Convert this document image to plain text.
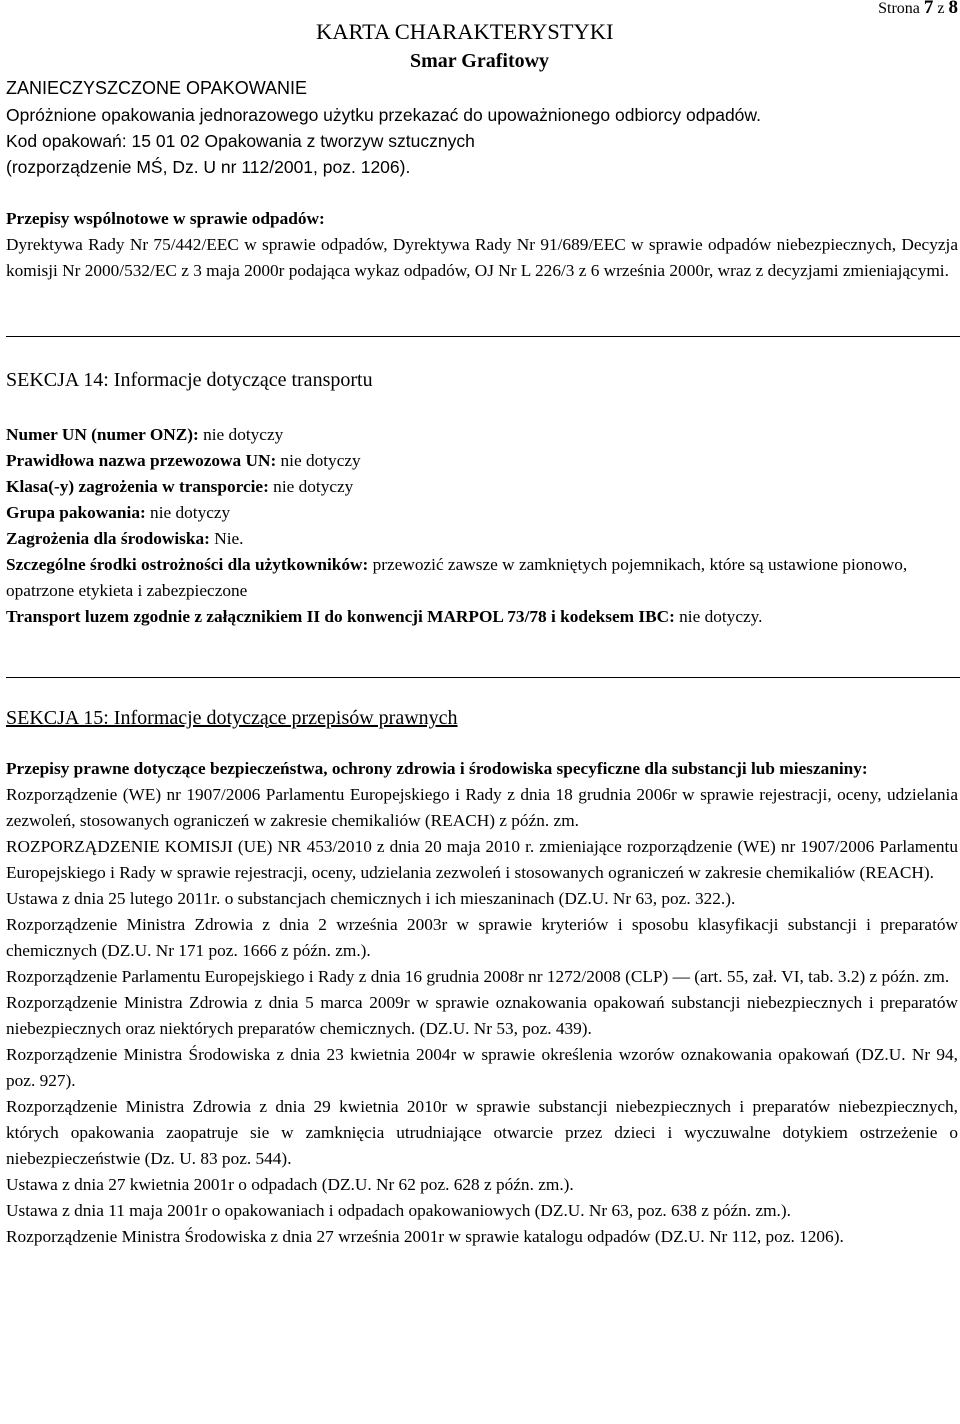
Strona 7 z 8
KARTA CHARAKTERYSTYKI
Smar Grafitowy

ZANIECZYSZCZONE OPAKOWANIE

Opróżnione opakowania jednorazowego użytku przekazać do upoważnionego odbiorcy odpadów.

Kod opakowań: 15 01 02 Opakowania z tworzyw sztucznych

(rozporządzenie MŚ, Dz. U nr 112/2001, poz. 1206).

Przepisy wspólnotowe w sprawie odpadów:

Dyrektywa Rady Nr 75/442/EEC w sprawie odpadów, Dyrektywa Rady Nr 91/689/EEC w sprawie odpadów niebezpiecznych, Decyzja komisji Nr 2000/532/EC z 3 maja 2000r podająca wykaz odpadów, OJ Nr L 226/3 z 6 września 2000r, wraz z decyzjami zmieniającymi.

SEKCJA 14: Informacje dotyczące transportu

Numer UN (numer ONZ): nie dotyczy

Prawidłowa nazwa przewozowa UN: nie dotyczy

Klasa(-y) zagrożenia w transporcie: nie dotyczy

Grupa pakowania: nie dotyczy

Zagrożenia dla środowiska: Nie.

Szczególne środki ostrożności dla użytkowników: przewozić zawsze w zamkniętych pojemnikach, które są ustawione pionowo, opatrzone etykieta i zabezpieczone

Transport luzem zgodnie z załącznikiem II do konwencji MARPOL 73/78 i kodeksem IBC: nie dotyczy.

SEKCJA 15: Informacje dotyczące przepisów prawnych

Przepisy prawne dotyczące bezpieczeństwa, ochrony zdrowia i środowiska specyficzne dla substancji lub mieszaniny:

Rozporządzenie (WE) nr 1907/2006 Parlamentu Europejskiego i Rady z dnia 18 grudnia 2006r w sprawie rejestracji, oceny, udzielania zezwoleń, stosowanych ograniczeń w zakresie chemikaliów (REACH) z późn. zm.

ROZPORZĄDZENIE KOMISJI (UE) NR 453/2010 z dnia 20 maja 2010 r. zmieniające rozporządzenie (WE) nr 1907/2006 Parlamentu Europejskiego i Rady w sprawie rejestracji, oceny, udzielania zezwoleń i stosowanych ograniczeń w zakresie chemikaliów (REACH).

Ustawa z dnia 25 lutego 2011r. o substancjach chemicznych i ich mieszaninach (DZ.U. Nr 63, poz. 322.).

Rozporządzenie Ministra Zdrowia z dnia 2 września 2003r w sprawie kryteriów i sposobu klasyfikacji substancji i preparatów chemicznych (DZ.U. Nr 171 poz. 1666 z późn. zm.).

Rozporządzenie Parlamentu Europejskiego i Rady z dnia 16 grudnia 2008r nr 1272/2008 (CLP) — (art. 55, zał. VI, tab. 3.2) z późn. zm.

Rozporządzenie Ministra Zdrowia z dnia 5 marca 2009r w sprawie oznakowania opakowań substancji niebezpiecznych i preparatów niebezpiecznych oraz niektórych preparatów chemicznych. (DZ.U. Nr 53, poz. 439).

Rozporządzenie Ministra Środowiska z dnia 23 kwietnia 2004r w sprawie określenia wzorów oznakowania opakowań (DZ.U. Nr 94, poz. 927).

Rozporządzenie Ministra Zdrowia z dnia 29 kwietnia 2010r w sprawie substancji niebezpiecznych i preparatów niebezpiecznych, których opakowania zaopatruje sie w zamknięcia utrudniające otwarcie przez dzieci i wyczuwalne dotykiem ostrzeżenie o niebezpieczeństwie (Dz. U. 83 poz. 544).

Ustawa z dnia 27 kwietnia 2001r o odpadach (DZ.U. Nr 62 poz. 628 z późn. zm.).

Ustawa z dnia 11 maja 2001r o opakowaniach i odpadach opakowaniowych (DZ.U. Nr 63, poz. 638 z późn. zm.).

Rozporządzenie Ministra Środowiska z dnia 27 września 2001r w sprawie katalogu odpadów (DZ.U. Nr 112, poz. 1206).
